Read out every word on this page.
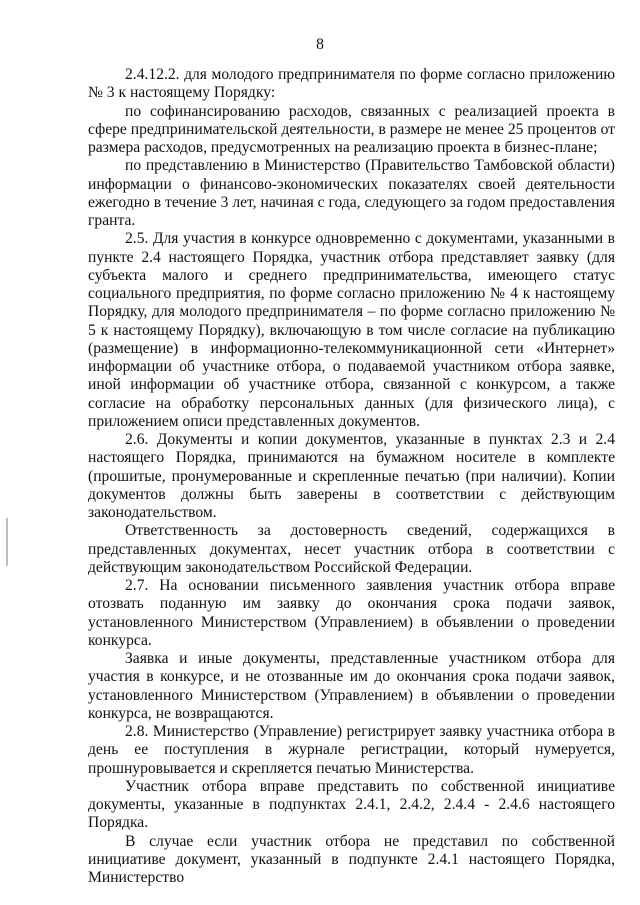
8

2.4.12.2. для молодого предпринимателя по форме согласно приложению № 3 к настоящему Порядку:

по софинансированию расходов, связанных с реализацией проекта в сфере предпринимательской деятельности, в размере не менее 25 процентов от размера расходов, предусмотренных на реализацию проекта в бизнес-плане;

по представлению в Министерство (Правительство Тамбовской области) информации о финансово-экономических показателях своей деятельности ежегодно в течение 3 лет, начиная с года, следующего за годом предоставления гранта.

2.5. Для участия в конкурсе одновременно с документами, указанными в пункте 2.4 настоящего Порядка, участник отбора представляет заявку (для субъекта малого и среднего предпринимательства, имеющего статус социального предприятия, по форме согласно приложению № 4 к настоящему Порядку, для молодого предпринимателя – по форме согласно приложению № 5 к настоящему Порядку), включающую в том числе согласие на публикацию (размещение) в информационно-телекоммуникационной сети «Интернет» информации об участнике отбора, о подаваемой участником отбора заявке, иной информации об участнике отбора, связанной с конкурсом, а также согласие на обработку персональных данных (для физического лица), с приложением описи представленных документов.

2.6. Документы и копии документов, указанные в пунктах 2.3 и 2.4 настоящего Порядка, принимаются на бумажном носителе в комплекте (прошитые, пронумерованные и скрепленные печатью (при наличии). Копии документов должны быть заверены в соответствии с действующим законодательством.

Ответственность за достоверность сведений, содержащихся в представленных документах, несет участник отбора в соответствии с действующим законодательством Российской Федерации.

2.7. На основании письменного заявления участник отбора вправе отозвать поданную им заявку до окончания срока подачи заявок, установленного Министерством (Управлением) в объявлении о проведении конкурса.

Заявка и иные документы, представленные участником отбора для участия в конкурсе, и не отозванные им до окончания срока подачи заявок, установленного Министерством (Управлением) в объявлении о проведении конкурса, не возвращаются.

2.8. Министерство (Управление) регистрирует заявку участника отбора в день ее поступления в журнале регистрации, который нумеруется, прошнуровывается и скрепляется печатью Министерства.

Участник отбора вправе представить по собственной инициативе документы, указанные в подпунктах 2.4.1, 2.4.2, 2.4.4 - 2.4.6 настоящего Порядка.

В случае если участник отбора не представил по собственной инициативе документ, указанный в подпункте 2.4.1 настоящего Порядка, Министерство
